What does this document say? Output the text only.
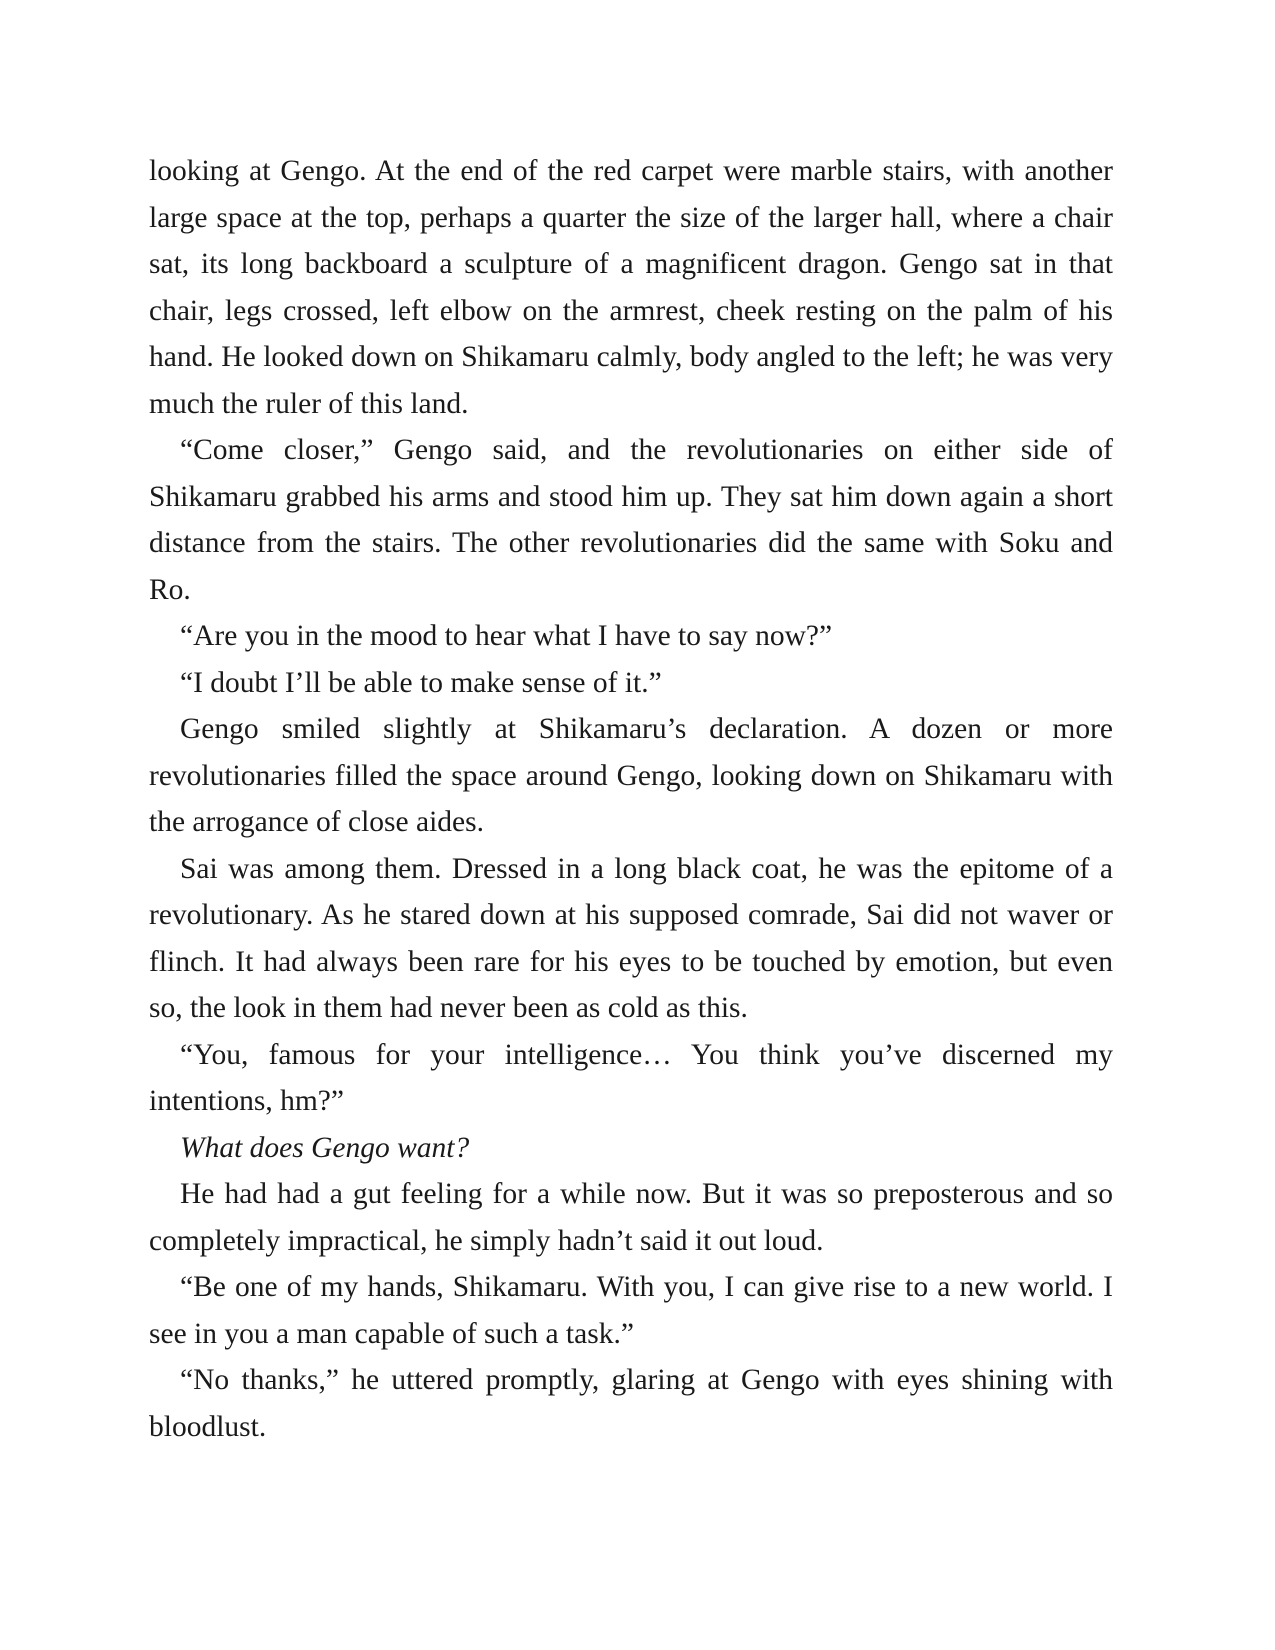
looking at Gengo. At the end of the red carpet were marble stairs, with another large space at the top, perhaps a quarter the size of the larger hall, where a chair sat, its long backboard a sculpture of a magnificent dragon. Gengo sat in that chair, legs crossed, left elbow on the armrest, cheek resting on the palm of his hand. He looked down on Shikamaru calmly, body angled to the left; he was very much the ruler of this land.

“Come closer,” Gengo said, and the revolutionaries on either side of Shikamaru grabbed his arms and stood him up. They sat him down again a short distance from the stairs. The other revolutionaries did the same with Soku and Ro.

“Are you in the mood to hear what I have to say now?”

“I doubt I’ll be able to make sense of it.”

Gengo smiled slightly at Shikamaru’s declaration. A dozen or more revolutionaries filled the space around Gengo, looking down on Shikamaru with the arrogance of close aides.

Sai was among them. Dressed in a long black coat, he was the epitome of a revolutionary. As he stared down at his supposed comrade, Sai did not waver or flinch. It had always been rare for his eyes to be touched by emotion, but even so, the look in them had never been as cold as this.

“You, famous for your intelligence… You think you’ve discerned my intentions, hm?”

What does Gengo want?

He had had a gut feeling for a while now. But it was so preposterous and so completely impractical, he simply hadn’t said it out loud.

“Be one of my hands, Shikamaru. With you, I can give rise to a new world. I see in you a man capable of such a task.”

“No thanks,” he uttered promptly, glaring at Gengo with eyes shining with bloodlust.
